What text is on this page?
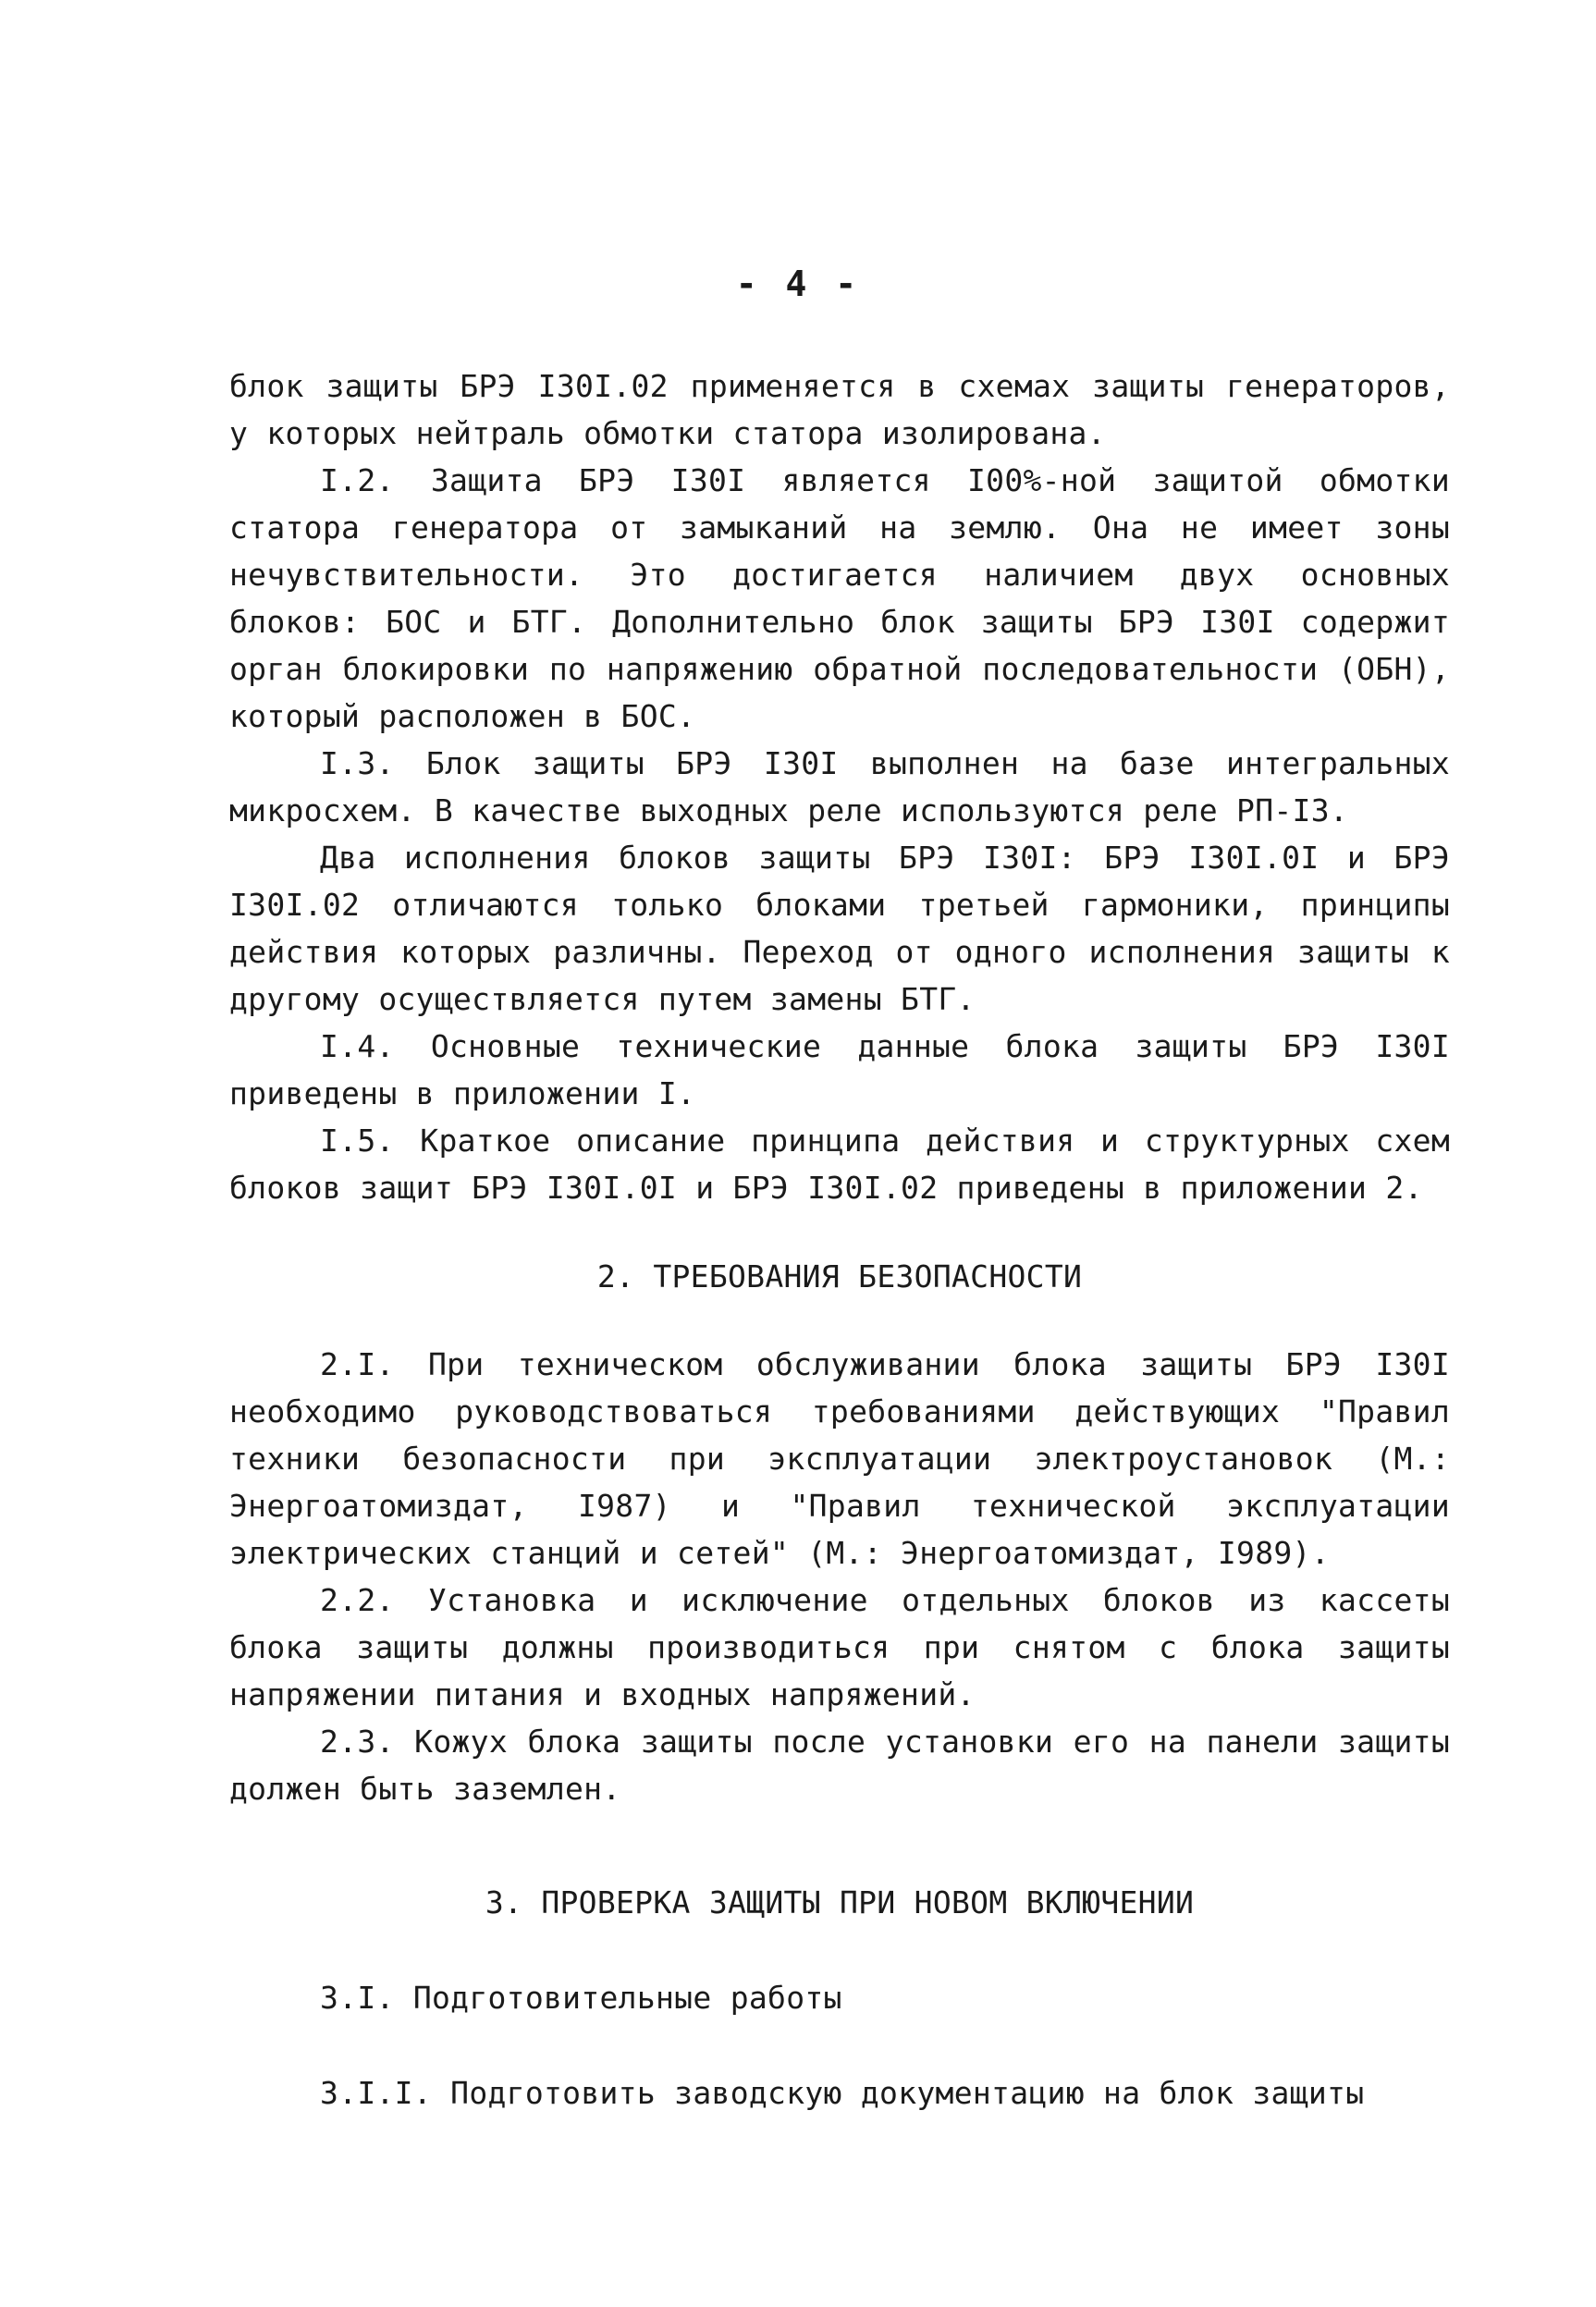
- 4 -

блок защиты БРЭ I30I.02 применяется в схемах защиты генераторов, у которых нейтраль обмотки статора изолирована.

I.2. Защита БРЭ I30I является I00%-ной защитой обмотки статора генератора от замыканий на землю. Она не имеет зоны нечувствительности. Это достигается наличием двух основных блоков: БОС и БТГ. Дополнительно блок защиты БРЭ I30I содержит орган блокировки по напряжению обратной последовательности (ОБН), который расположен в БОС.

I.3. Блок защиты БРЭ I30I выполнен на базе интегральных микросхем. В качестве выходных реле используются реле РП-I3.

Два исполнения блоков защиты БРЭ I30I: БРЭ I30I.0I и БРЭ I30I.02 отличаются только блоками третьей гармоники, принципы действия которых различны. Переход от одного исполнения защиты к другому осуществляется путем замены БТГ.

I.4. Основные технические данные блока защиты БРЭ I30I приведены в приложении I.

I.5. Краткое описание принципа действия и структурных схем блоков защит БРЭ I30I.0I и БРЭ I30I.02 приведены в приложении 2.

2. ТРЕБОВАНИЯ БЕЗОПАСНОСТИ

2.I. При техническом обслуживании блока защиты БРЭ I30I необходимо руководствоваться требованиями действующих "Правил техники безопасности при эксплуатации электроустановок (М.: Энергоатомиздат, I987) и "Правил технической эксплуатации электрических станций и сетей" (М.: Энергоатомиздат, I989).

2.2. Установка и исключение отдельных блоков из кассеты блока защиты должны производиться при снятом с блока защиты напряжении питания и входных напряжений.

2.3. Кожух блока защиты после установки его на панели защиты должен быть заземлен.

3. ПРОВЕРКА ЗАЩИТЫ ПРИ НОВОМ ВКЛЮЧЕНИИ

3.I. Подготовительные работы

3.I.I. Подготовить заводскую документацию на блок защиты
